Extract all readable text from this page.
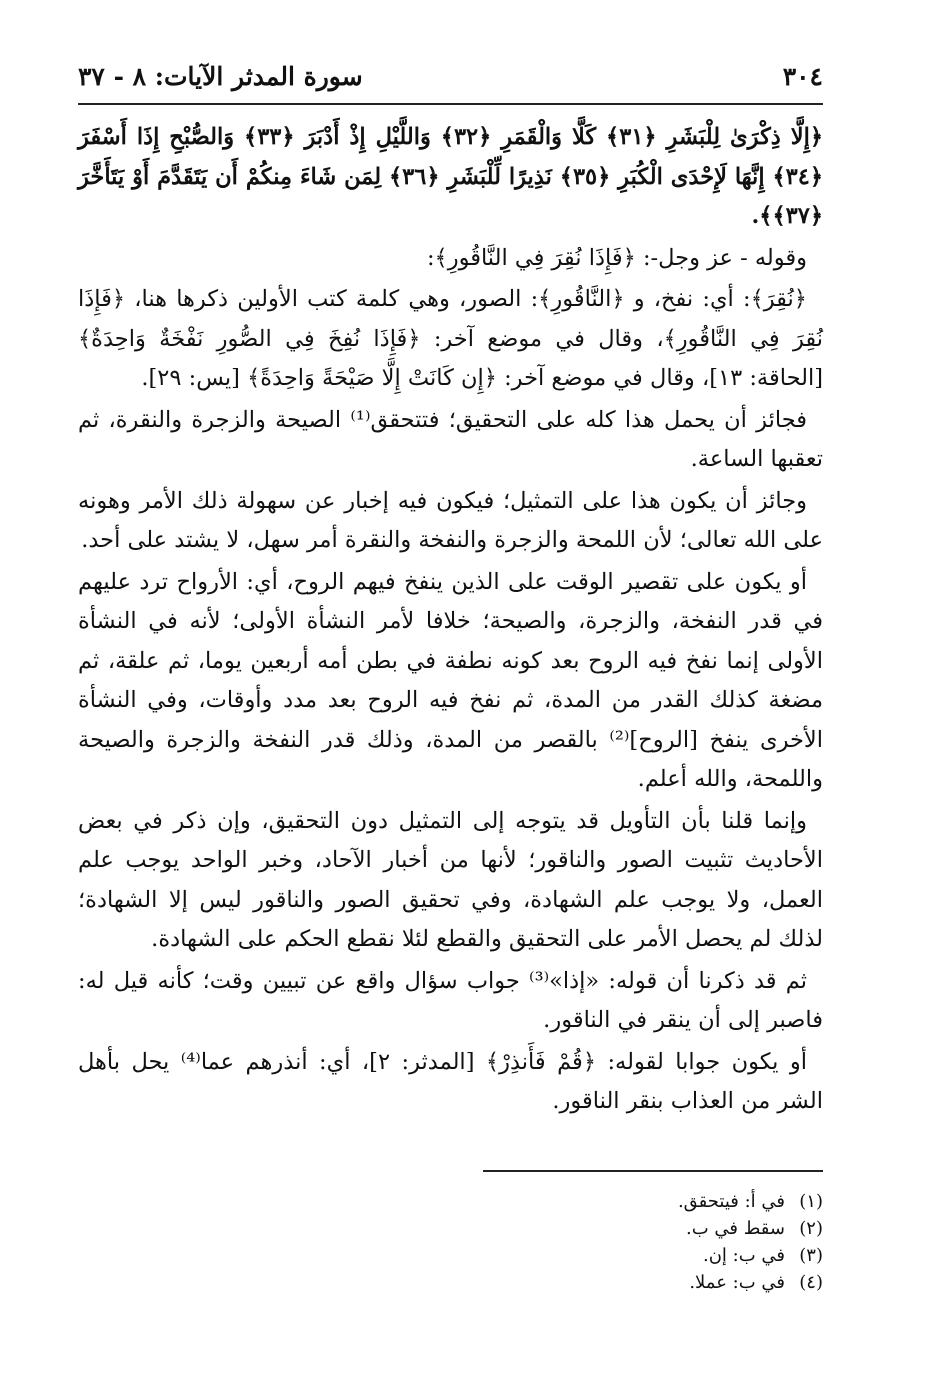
٣٠٤
سورة المدثر الآيات: ٨ - ٣٧

﴿إِلَّا ذِكْرَىٰ لِلْبَشَرِ ﴿٣١﴾ كَلَّا وَالْقَمَرِ ﴿٣٢﴾ وَاللَّيْلِ إِذْ أَدْبَرَ ﴿٣٣﴾ وَالصُّبْحِ إِذَا أَسْفَرَ ﴿٣٤﴾ إِنَّهَا لَإِحْدَى الْكُبَرِ ﴿٣٥﴾ نَذِيرًا لِّلْبَشَرِ ﴿٣٦﴾ لِمَن شَاءَ مِنكُمْ أَن يَتَقَدَّمَ أَوْ يَتَأَخَّرَ ﴿٣٧﴾﴾.

وقوله - عز وجل-: ﴿فَإِذَا نُقِرَ فِي النَّاقُورِ﴾:

﴿نُقِرَ﴾: أي: نفخ، و ﴿النَّاقُورِ﴾: الصور، وهي كلمة كتب الأولين ذكرها هنا، ﴿فَإِذَا نُقِرَ فِي النَّاقُورِ﴾، وقال في موضع آخر: ﴿فَإِذَا نُفِخَ فِي الصُّورِ نَفْخَةٌ وَاحِدَةٌ﴾ [الحاقة: ١٣]، وقال في موضع آخر: ﴿إِن كَانَتْ إِلَّا صَيْحَةً وَاحِدَةً﴾ [يس: ٢٩].

فجائز أن يحمل هذا كله على التحقيق؛ فتتحقق⁽¹⁾ الصيحة والزجرة والنقرة، ثم تعقبها الساعة.

وجائز أن يكون هذا على التمثيل؛ فيكون فيه إخبار عن سهولة ذلك الأمر وهونه على الله تعالى؛ لأن اللمحة والزجرة والنفخة والنقرة أمر سهل، لا يشتد على أحد.

أو يكون على تقصير الوقت على الذين ينفخ فيهم الروح، أي: الأرواح ترد عليهم في قدر النفخة، والزجرة، والصيحة؛ خلافا لأمر النشأة الأولى؛ لأنه في النشأة الأولى إنما نفخ فيه الروح بعد كونه نطفة في بطن أمه أربعين يوما، ثم علقة، ثم مضغة كذلك القدر من المدة، ثم نفخ فيه الروح بعد مدد وأوقات، وفي النشأة الأخرى ينفخ [الروح]⁽²⁾ بالقصر من المدة، وذلك قدر النفخة والزجرة والصيحة واللمحة، والله أعلم.

وإنما قلنا بأن التأويل قد يتوجه إلى التمثيل دون التحقيق، وإن ذكر في بعض الأحاديث تثبيت الصور والناقور؛ لأنها من أخبار الآحاد، وخبر الواحد يوجب علم العمل، ولا يوجب علم الشهادة، وفي تحقيق الصور والناقور ليس إلا الشهادة؛ لذلك لم يحصل الأمر على التحقيق والقطع لئلا نقطع الحكم على الشهادة.

ثم قد ذكرنا أن قوله: «إذا»⁽³⁾ جواب سؤال واقع عن تبيين وقت؛ كأنه قيل له: فاصبر إلى أن ينقر في الناقور.

أو يكون جوابا لقوله: ﴿قُمْ فَأَنذِرْ﴾ [المدثر: ٢]، أي: أنذرهم عما⁽⁴⁾ يحل بأهل الشر من العذاب بنقر الناقور.

(١)
في أ: فيتحقق.
(٢)
سقط في ب.
(٣)
في ب: إن.
(٤)
في ب: عملا.
